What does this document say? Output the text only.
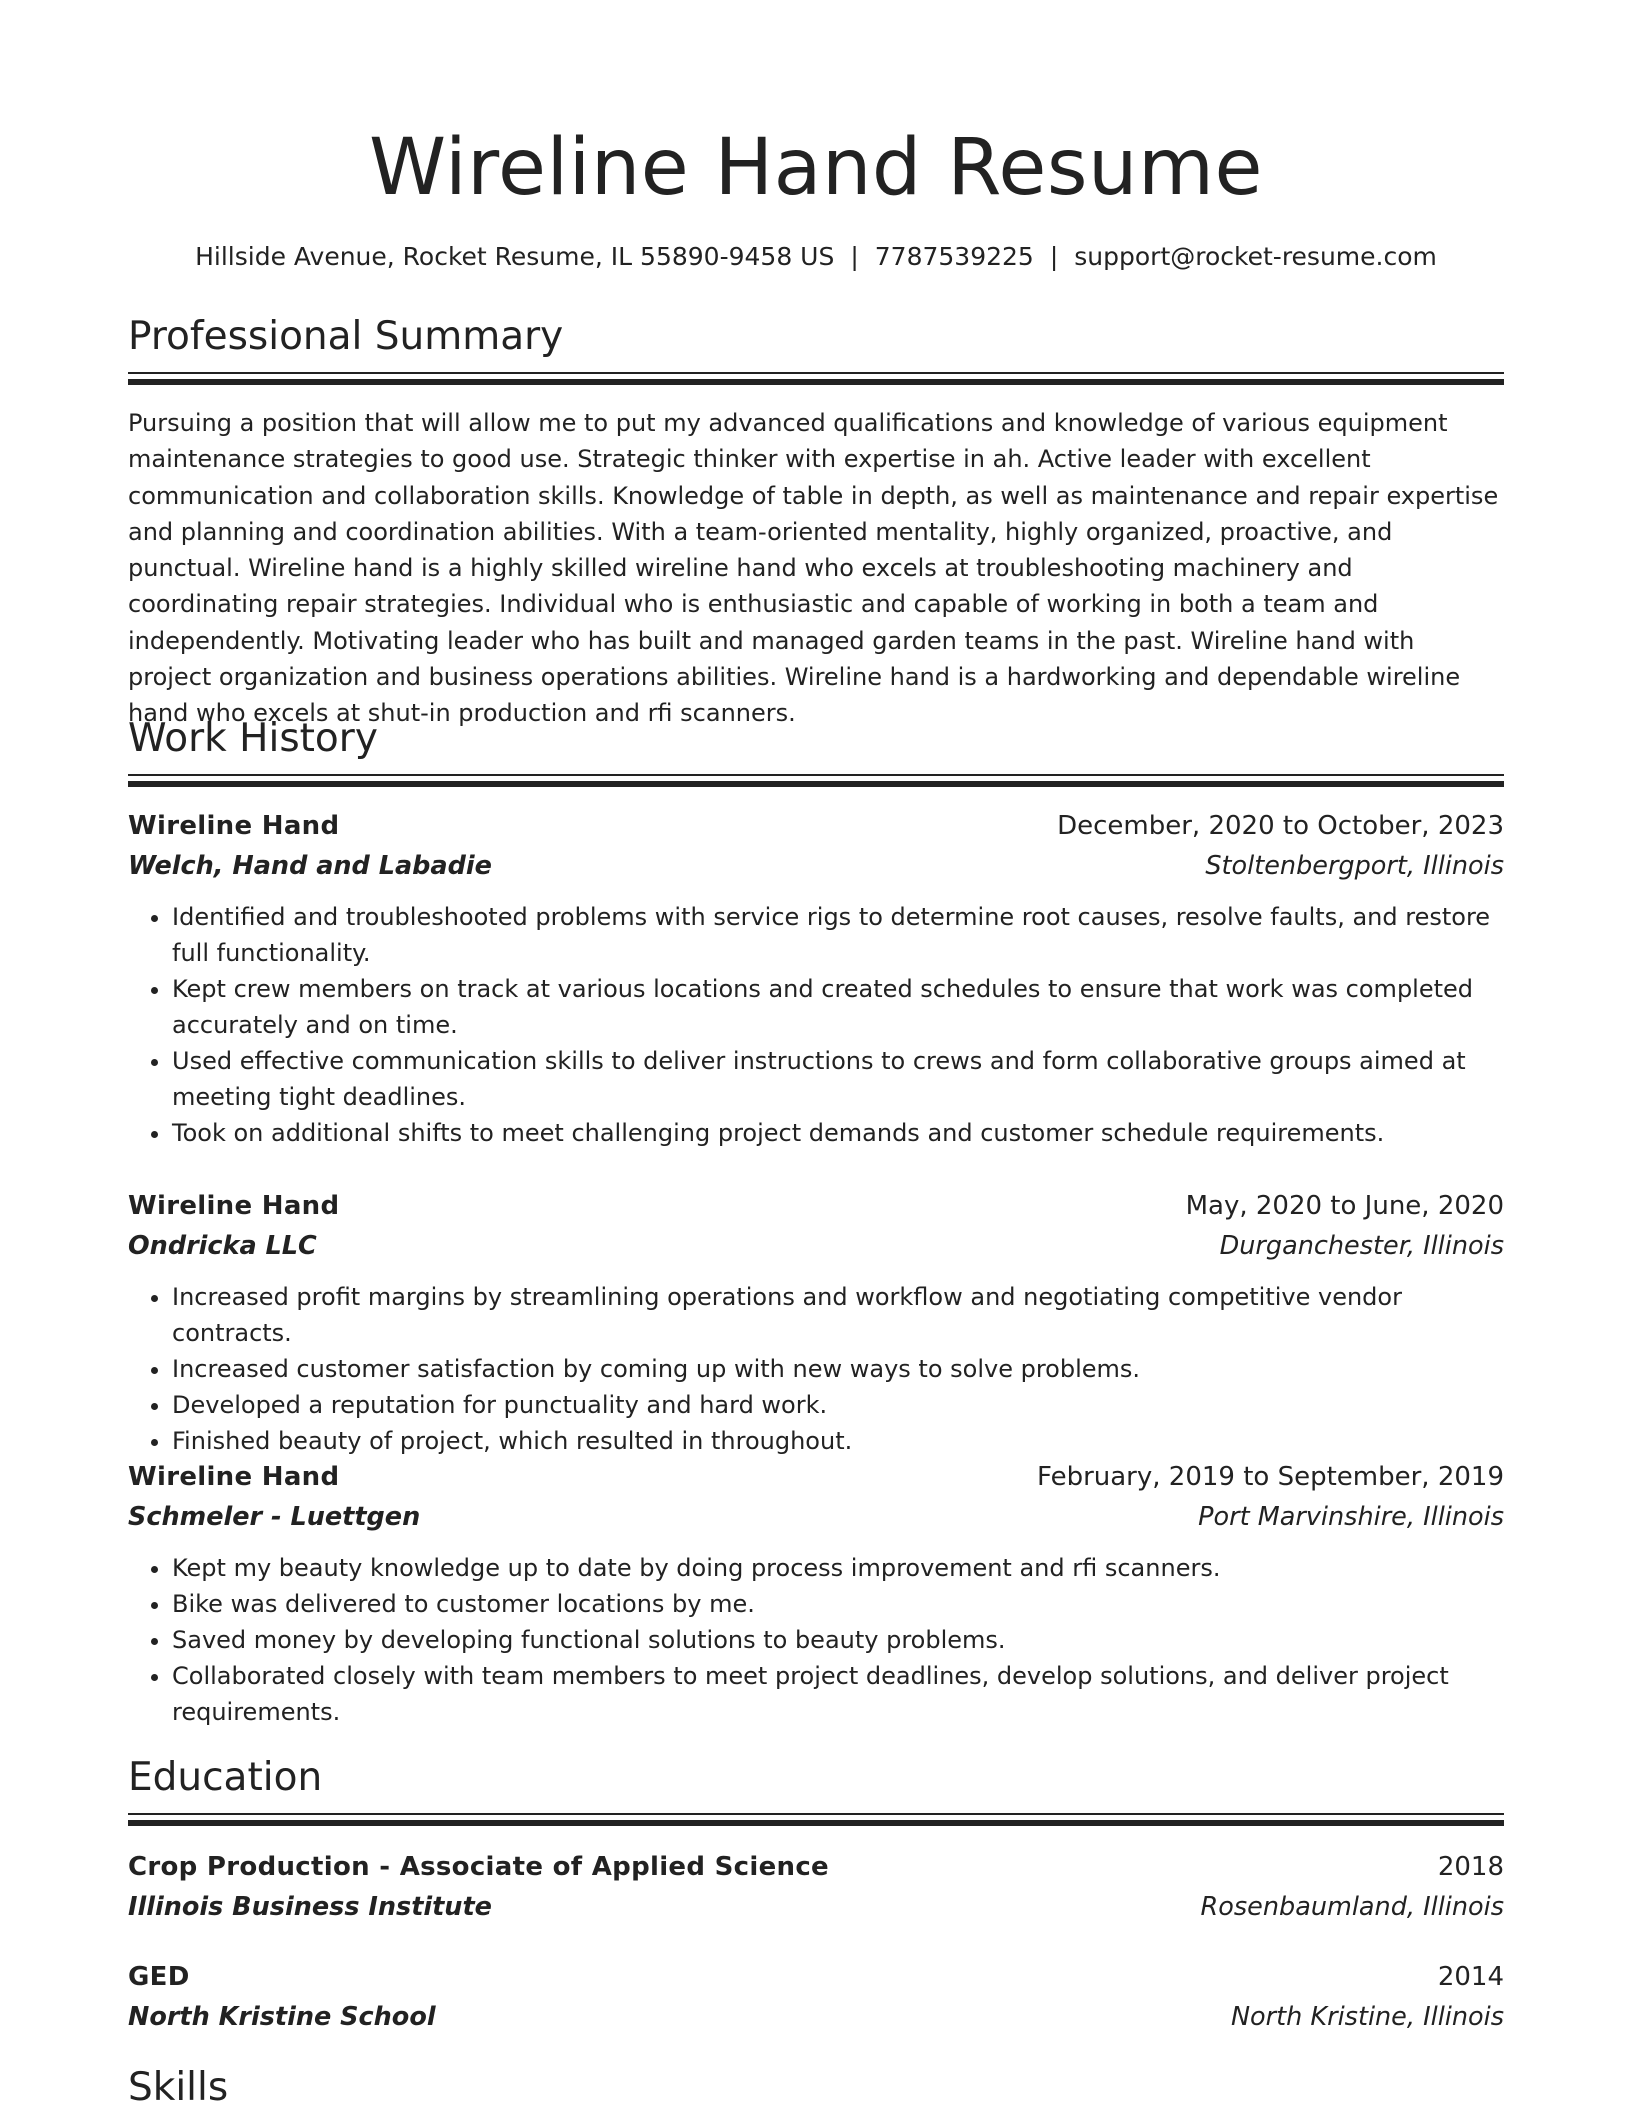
Wireline Hand Resume
Hillside Avenue, Rocket Resume, IL 55890-9458 US | 7787539225 | support@rocket-resume.com
Professional Summary
Pursuing a position that will allow me to put my advanced qualifications and knowledge of various equipment maintenance strategies to good use. Strategic thinker with expertise in ah. Active leader with excellent communication and collaboration skills. Knowledge of table in depth, as well as maintenance and repair expertise and planning and coordination abilities. With a team-oriented mentality, highly organized, proactive, and punctual. Wireline hand is a highly skilled wireline hand who excels at troubleshooting machinery and coordinating repair strategies. Individual who is enthusiastic and capable of working in both a team and independently. Motivating leader who has built and managed garden teams in the past. Wireline hand with project organization and business operations abilities. Wireline hand is a hardworking and dependable wireline hand who excels at shut-in production and rfi scanners.
Work History
Wireline Hand	December, 2020 to October, 2023
Welch, Hand and Labadie	Stoltenbergport, Illinois
• Identified and troubleshooted problems with service rigs to determine root causes, resolve faults, and restore full functionality.
• Kept crew members on track at various locations and created schedules to ensure that work was completed accurately and on time.
• Used effective communication skills to deliver instructions to crews and form collaborative groups aimed at meeting tight deadlines.
• Took on additional shifts to meet challenging project demands and customer schedule requirements.
Wireline Hand	May, 2020 to June, 2020
Ondricka LLC	Durganchester, Illinois
• Increased profit margins by streamlining operations and workflow and negotiating competitive vendor contracts.
• Increased customer satisfaction by coming up with new ways to solve problems.
• Developed a reputation for punctuality and hard work.
• Finished beauty of project, which resulted in throughout.
Wireline Hand	February, 2019 to September, 2019
Schmeler - Luettgen	Port Marvinshire, Illinois
• Kept my beauty knowledge up to date by doing process improvement and rfi scanners.
• Bike was delivered to customer locations by me.
• Saved money by developing functional solutions to beauty problems.
• Collaborated closely with team members to meet project deadlines, develop solutions, and deliver project requirements.
Education
Crop Production - Associate of Applied Science	2018
Illinois Business Institute	Rosenbaumland, Illinois
GED	2014
North Kristine School	North Kristine, Illinois
Skills
